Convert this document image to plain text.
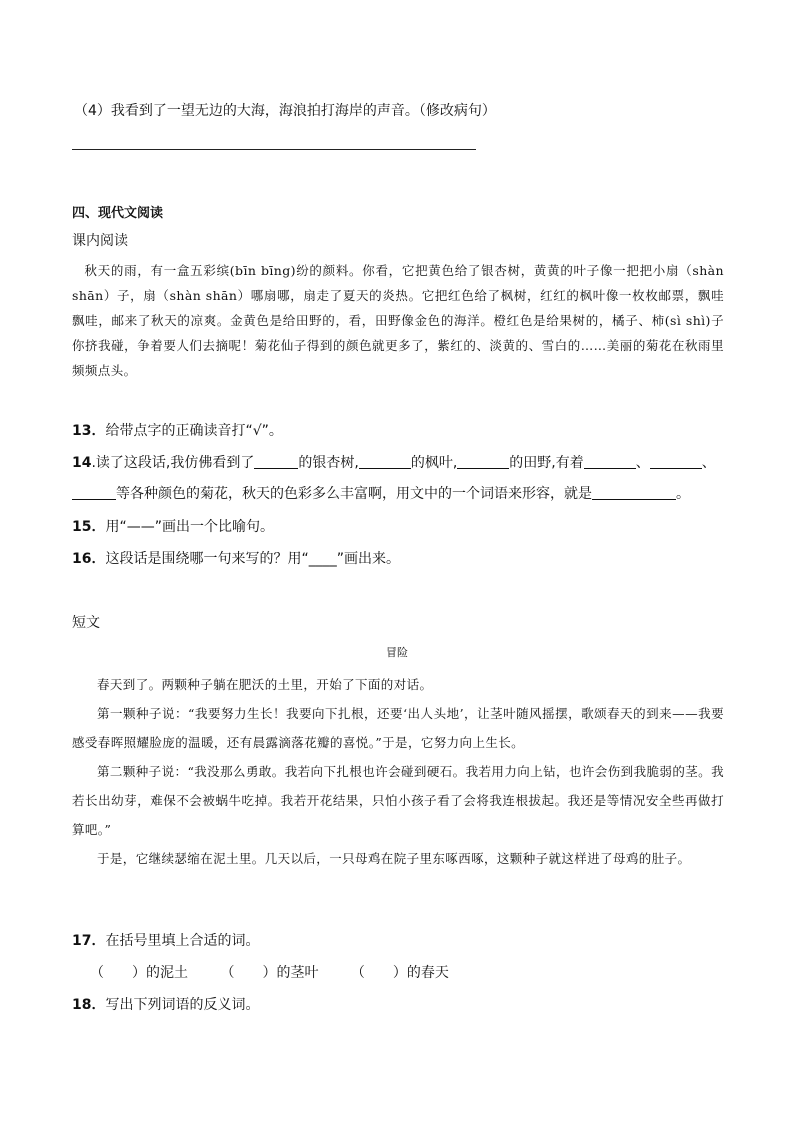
（4）我看到了一望无边的大海，海浪拍打海岸的声音。（修改病句）
四、现代文阅读
课内阅读

秋天的雨，有一盒五彩缤(bīn bīng)纷的颜料。你看，它把黄色给了银杏树，黄黄的叶子像一把把小扇（shàn shān）子，扇（shàn shān）哪扇哪，扇走了夏天的炎热。它把红色给了枫树，红红的枫叶像一枚枚邮票，飘哇飘哇，邮来了秋天的凉爽。金黄色是给田野的，看，田野像金色的海洋。橙红色是给果树的，橘子、柿(sì shì)子你挤我碰，争着要人们去摘呢！菊花仙子得到的颜色就更多了，紫红的、淡黄的、雪白的……美丽的菊花在秋雨里频频点头。

13．给带点字的正确读音打“√”。
14.读了这段话,我仿佛看到了	的银杏树,	的枫叶,	的田野,有着	、	、
等各种颜色的菊花，秋天的色彩多么丰富啊，用文中的一个词语来形容，就是	。
15．用“——”画出一个比喻句。
16．这段话是围绕哪一句来写的？用“____”画出来。
短文
冒险

春天到了。两颗种子躺在肥沃的土里，开始了下面的对话。

第一颗种子说：“我要努力生长！我要向下扎根，还要‘出人头地’，让茎叶随风摇摆，歌颂春天的到来——我要感受春晖照耀脸庞的温暖，还有晨露滴落花瓣的喜悦。”于是，它努力向上生长。

第二颗种子说：“我没那么勇敢。我若向下扎根也许会碰到硬石。我若用力向上钻，也许会伤到我脆弱的茎。我若长出幼芽，难保不会被蜗牛吃掉。我若开花结果，只怕小孩子看了会将我连根拔起。我还是等情况安全些再做打算吧。”

于是，它继续瑟缩在泥土里。几天以后，一只母鸡在院子里东啄西啄，这颗种子就这样进了母鸡的肚子。

17．在括号里填上合适的词。
（　　）的泥土 （　　）的茎叶 （　　）的春天
18．写出下列词语的反义词。
